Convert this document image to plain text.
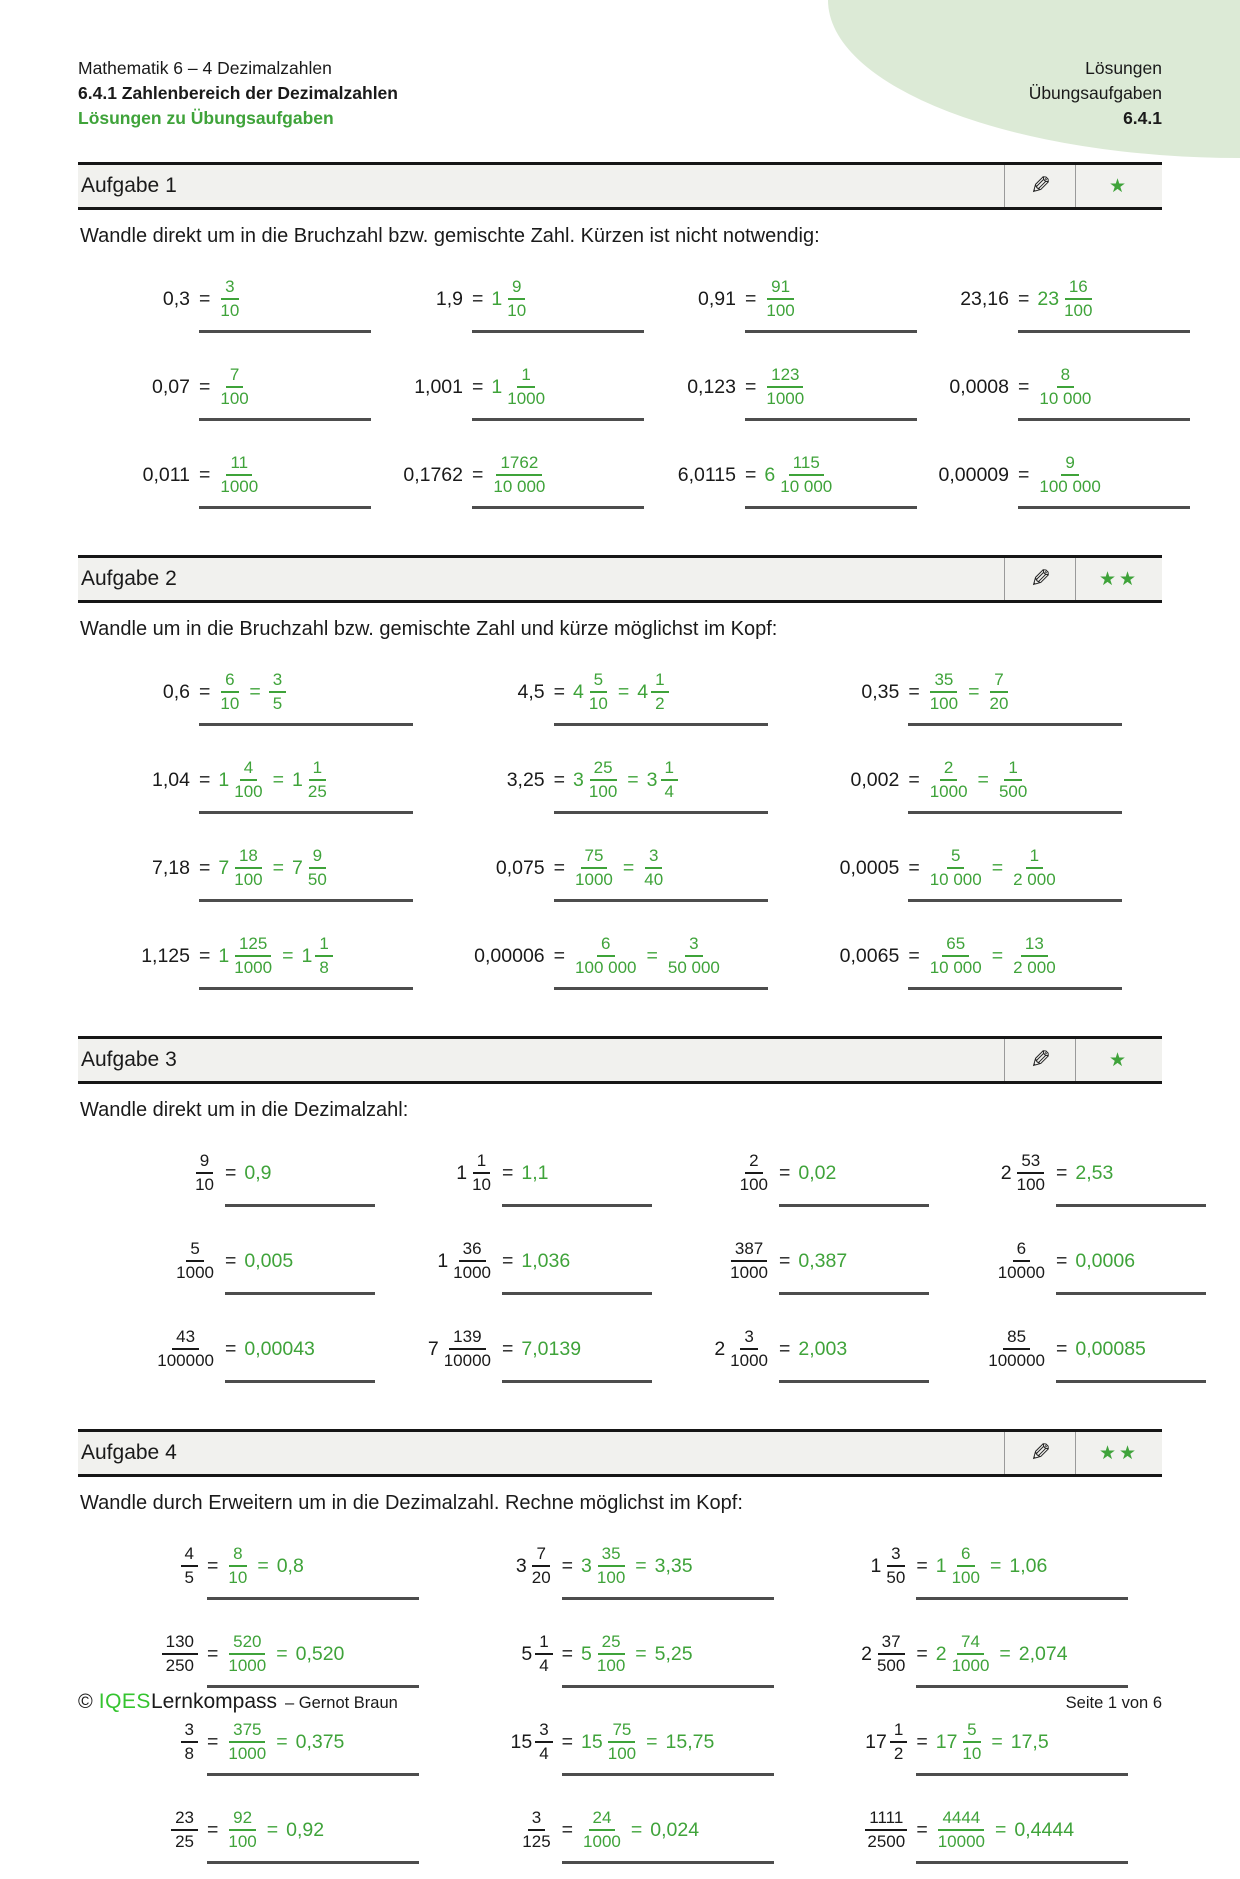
Mathematik 6 – 4 Dezimalzahlen
6.4.1 Zahlenbereich der Dezimalzahlen
Lösungen zu Übungsaufgaben
Lösungen
Übungsaufgaben
6.4.1
Aufgabe 1	✎	★
Wandle direkt um in die Bruchzahl bzw. gemischte Zahl. Kürzen ist nicht notwendig:
$0,3 = \frac{3}{10}$	$1,9 = 1 \frac{9}{10}$	$0,91 = \frac{91}{100}$	$23,16 = 23 \frac{16}{100}$
$0,07 = \frac{7}{100}$	$1,001 = 1 \frac{1}{1000}$	$0,123 = \frac{123}{1000}$	$0,0008 = \frac{8}{10 000}$
$0,011 = \frac{11}{1000}$	$0,1762 = \frac{1762}{10 000}$	$6,0115 = 6 \frac{115}{10 000}$	$0,00009 = \frac{9}{100 000}$
Aufgabe 2	✎	★★
Wandle um in die Bruchzahl bzw. gemischte Zahl und kürze möglichst im Kopf:
$0,6 = \frac{6}{10} = \frac{3}{5}$	$4,5 = 4 \frac{5}{10} = 4 \frac{1}{2}$	$0,35 = \frac{35}{100} = \frac{7}{20}$
$1,04 = 1 \frac{4}{100} = 1 \frac{1}{25}$	$3,25 = 3 \frac{25}{100} = 3 \frac{1}{4}$	$0,002 = \frac{2}{1000} = \frac{1}{500}$
$7,18 = 7 \frac{18}{100} = 7 \frac{9}{50}$	$0,075 = \frac{75}{1000} = \frac{3}{40}$	$0,0005 = \frac{5}{10 000} = \frac{1}{2 000}$
$1,125 = 1 \frac{125}{1000} = 1 \frac{1}{8}$	$0,00006 = \frac{6}{100 000} = \frac{3}{50 000}$	$0,0065 = \frac{65}{10 000} = \frac{13}{2 000}$
Aufgabe 3	✎	★
Wandle direkt um in die Dezimalzahl:
$\frac{9}{10} = 0,9$	$1 \frac{1}{10} = 1,1$	$\frac{2}{100} = 0,02$	$2 \frac{53}{100} = 2,53$
$\frac{5}{1000} = 0,005$	$1 \frac{36}{1000} = 1,036$	$\frac{387}{1000} = 0,387$	$\frac{6}{10000} = 0,0006$
$\frac{43}{100000} = 0,00043$	$7 \frac{139}{10000} = 7,0139$	$2 \frac{3}{1000} = 2,003$	$\frac{85}{100000} = 0,00085$
Aufgabe 4	✎	★★
Wandle durch Erweitern um in die Dezimalzahl. Rechne möglichst im Kopf:
$\frac{4}{5} = \frac{8}{10} = 0,8$	$3 \frac{7}{20} = 3 \frac{35}{100} = 3,35$	$1 \frac{3}{50} = 1 \frac{6}{100} = 1,06$
$\frac{130}{250} = \frac{520}{1000} = 0,520$	$5 \frac{1}{4} = 5 \frac{25}{100} = 5,25$	$2 \frac{37}{500} = 2 \frac{74}{1000} = 2,074$
$\frac{3}{8} = \frac{375}{1000} = 0,375$	$15 \frac{3}{4} = 15 \frac{75}{100} = 15,75$	$17 \frac{1}{2} = 17 \frac{5}{10} = 17,5$
$\frac{23}{25} = \frac{92}{100} = 0,92$	$\frac{3}{125} = \frac{24}{1000} = 0,024$	$\frac{1111}{2500} = \frac{4444}{10000} = 0,4444$
© IQES Lernkompass – Gernot Braun	Seite 1 von 6
